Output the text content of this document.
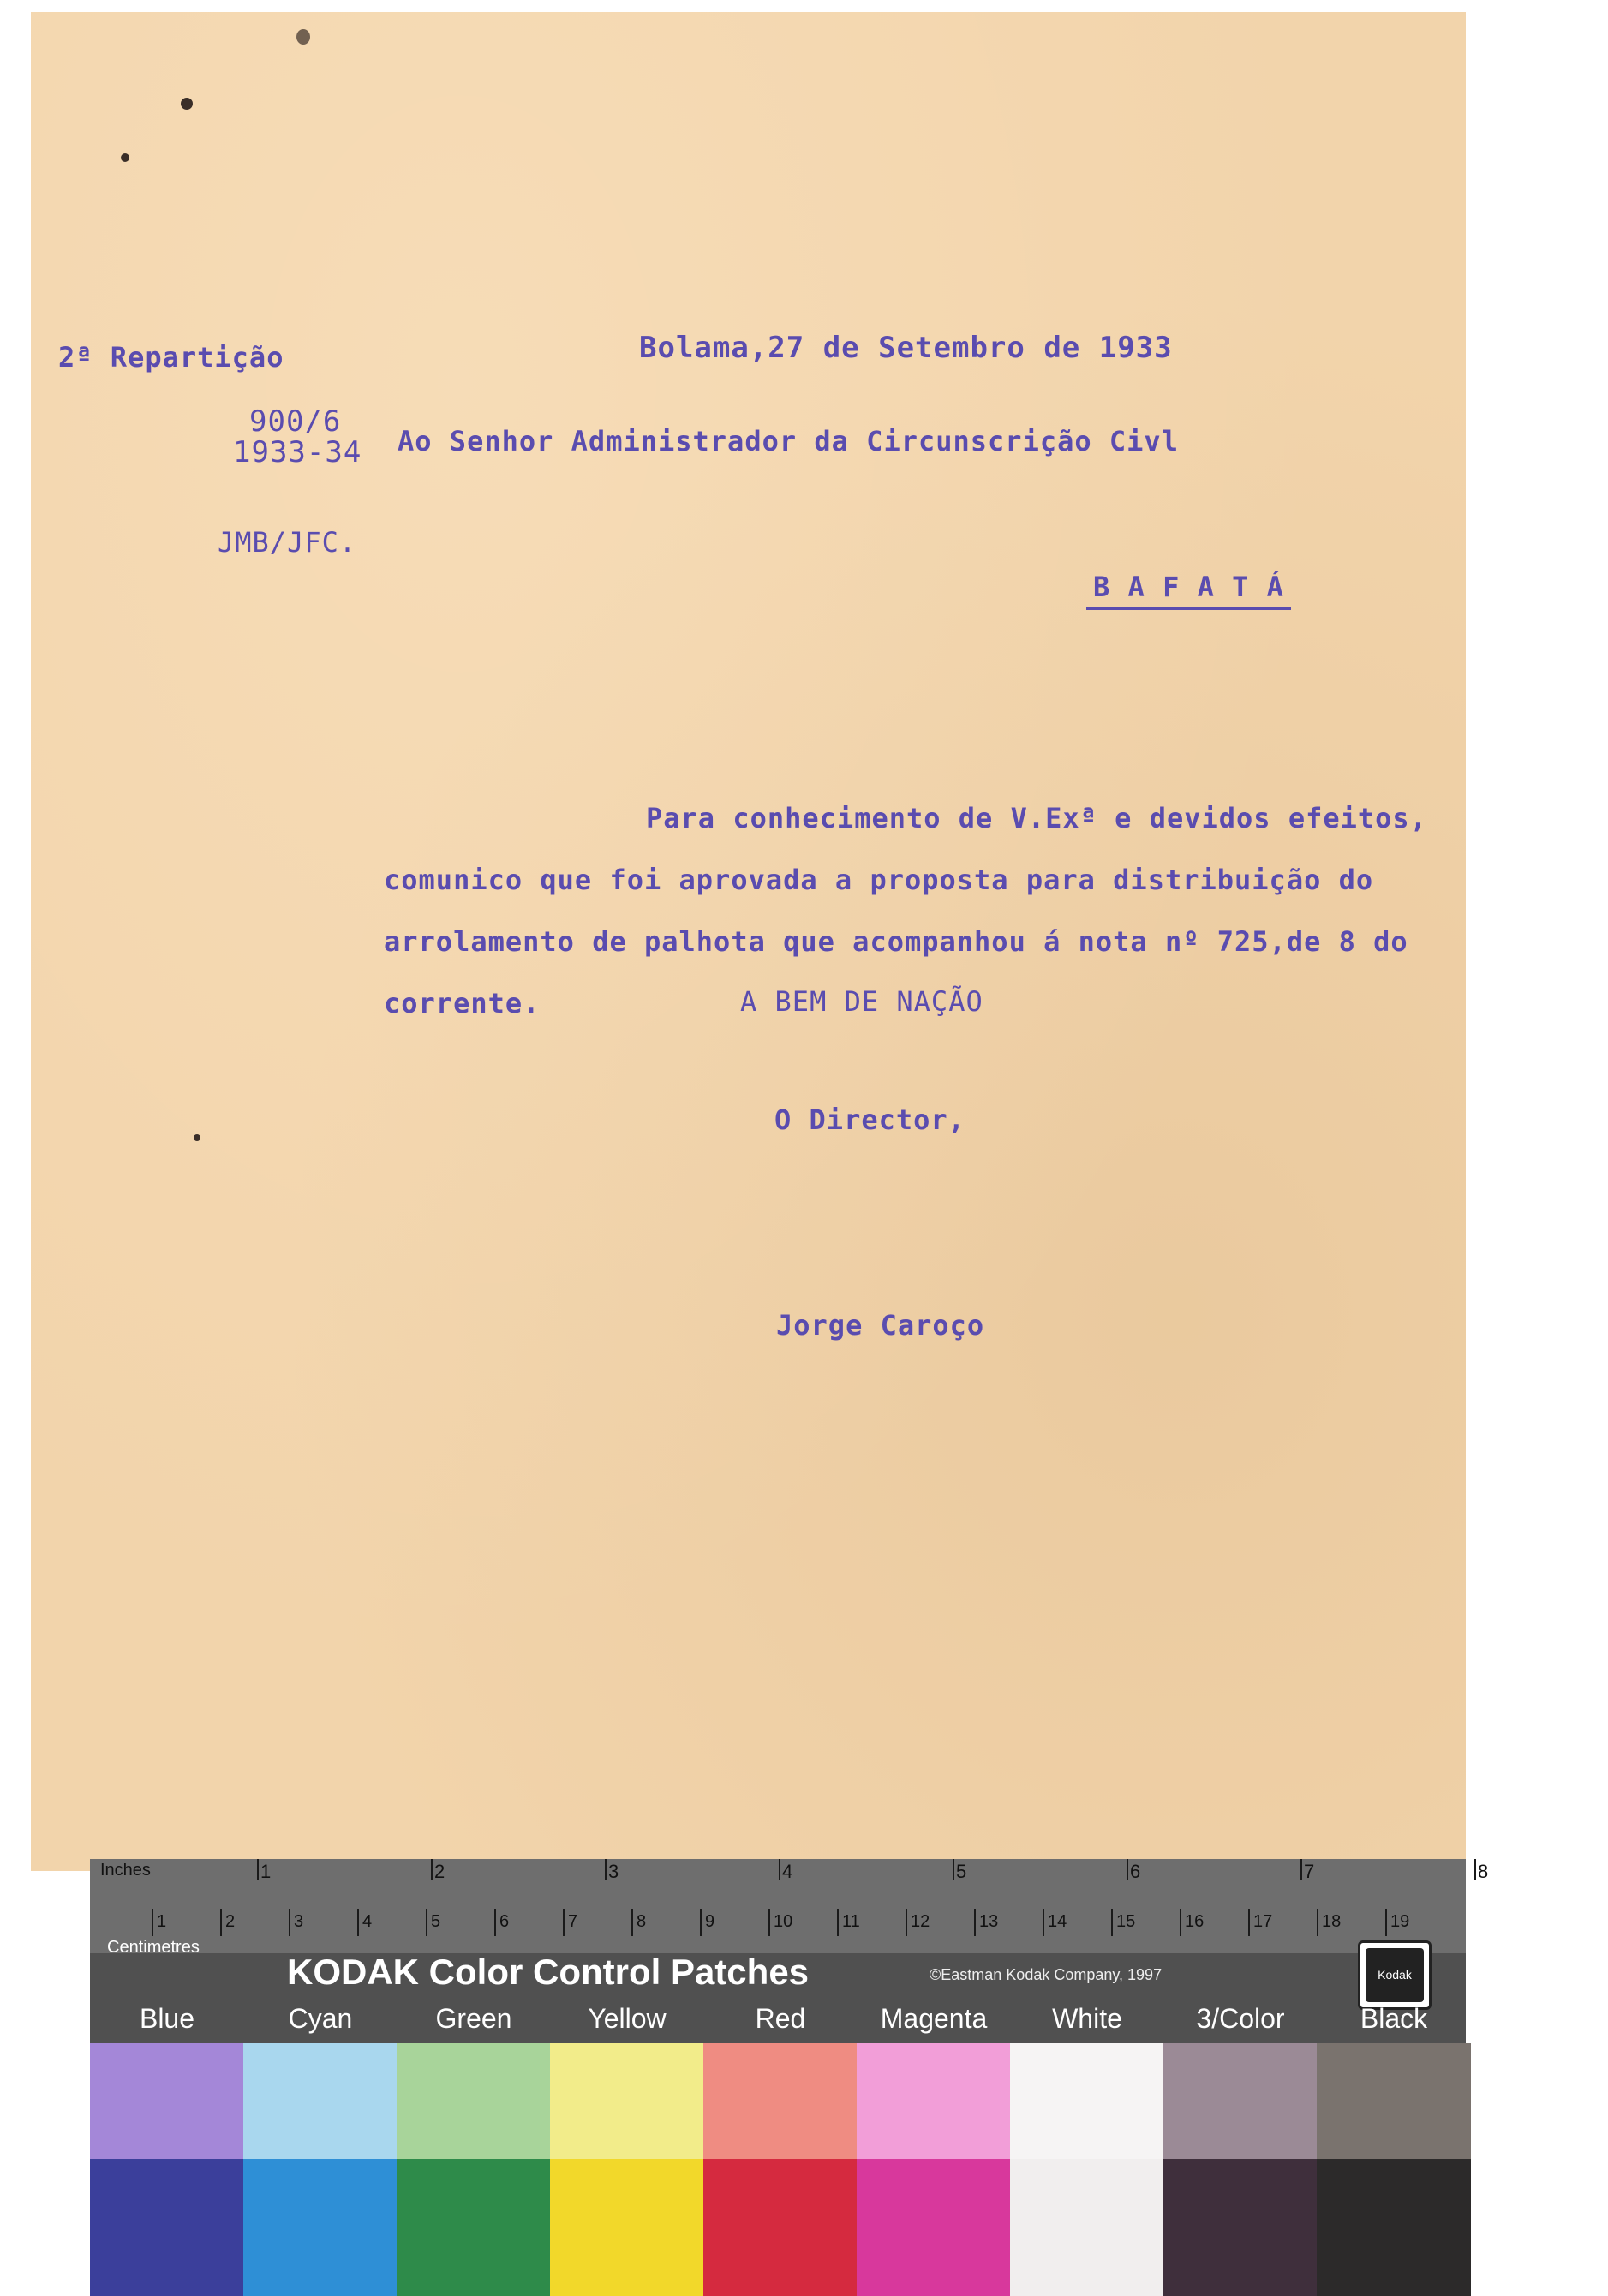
2ª Repartição	Bolama,27 de Setembro de 1933
900/6
1933-34 Ao Senhor Administrador da Circunscrição Civl
JMB/JFC.
B A F A T Á
Para conhecimento de V.Exª e devidos efeitos,
comunico que foi aprovada a proposta para distribuição do
arrolamento de palhota que acompanhou á nota nº 725,de 8 do
corrente.	A BEM DE NAÇÃO
O Director,
Jorge Caroço
Inches
Centimetres
1	2	3	4	5	6	7	8
1	2	3	4	5	6	7	8	9	10	11	12	13	14	15	16	17	18	19
KODAK Color Control Patches	©Eastman Kodak Company, 1997	Kodak
Blue	Cyan	Green	Yellow	Red	Magenta	White	3/Color	Black
